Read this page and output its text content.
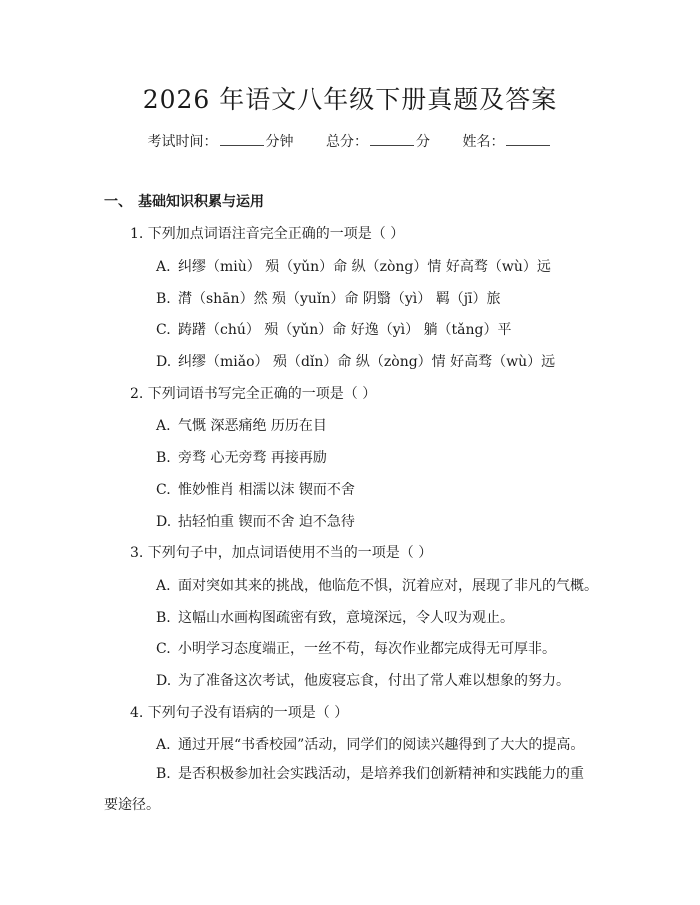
2026 年语文八年级下册真题及答案
考试时间：	分钟 总分：	分 姓名：
一、 基础知识积累与运用
1. 下列加点词语注音完全正确的一项是（ ）
A. 纠缪（miù） 殒（yǔn）命 纵（zòng）情 好高骛（wù）远
B. 潸（shān）然 殒（yuǐn）命 阴翳（yì） 羁（jī）旅
C. 踌躇（chú） 殒（yǔn）命 好逸（yì） 躺（tǎng）平
D. 纠缪（miǎo） 殒（dǐn）命 纵（zòng）情 好高骛（wù）远
2. 下列词语书写完全正确的一项是（ ）
A. 气慨 深恶痛绝 历历在目
B. 旁骛 心无旁骛 再接再励
C. 惟妙惟肖 相濡以沫 锲而不舍
D. 拈轻怕重 锲而不舍 迫不急待
3. 下列句子中，加点词语使用不当的一项是（ ）
A. 面对突如其来的挑战，他临危不惧，沉着应对，展现了非凡的气概。
B. 这幅山水画构图疏密有致，意境深远，令人叹为观止。
C. 小明学习态度端正，一丝不苟，每次作业都完成得无可厚非。
D. 为了准备这次考试，他废寝忘食，付出了常人难以想象的努力。
4. 下列句子没有语病的一项是（ ）
A. 通过开展“书香校园”活动，同学们的阅读兴趣得到了大大的提高。
B. 是否积极参加社会实践活动，是培养我们创新精神和实践能力的重要途径。
